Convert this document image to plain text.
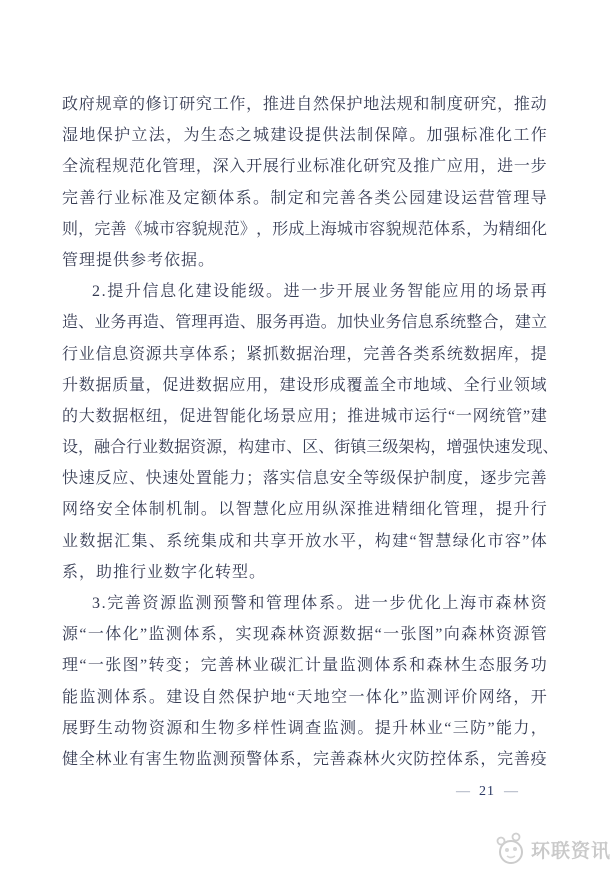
政 府 规 章 的 修 订 研 究 工 作 ， 推 进 自 然 保 护 地 法 规 和 制 度 研 究 ， 推 动
湿 地 保 护 立 法 ， 为 生 态 之 城 建 设 提 供 法 制 保 障 。 加 强 标 准 化 工 作
全 流 程 规 范 化 管 理 ， 深 入 开 展 行 业 标 准 化 研 究 及 推 广 应 用 ， 进 一 步
完 善 行 业 标 准 及 定 额 体 系 。 制 定 和 完 善 各 类 公 园 建 设 运 营 管 理 导
则 ， 完 善 《 城 市 容 貌 规 范 》 ， 形 成 上 海 城 市 容 貌 规 范 体 系 ， 为 精 细 化
管理提供参考依据。
2 . 提 升 信 息 化 建 设 能 级 。 进 一 步 开 展 业 务 智 能 应 用 的 场 景 再
造 、 业 务 再 造 、 管 理 再 造 、 服 务 再 造 。 加 快 业 务 信 息 系 统 整 合 ， 建 立
行 业 信 息 资 源 共 享 体 系 ； 紧 抓 数 据 治 理 ， 完 善 各 类 系 统 数 据 库 ， 提
升 数 据 质 量 ， 促 进 数 据 应 用 ， 建 设 形 成 覆 盖 全 市 地 域 、 全 行 业 领 域
的 大 数 据 枢 纽 ， 促 进 智 能 化 场 景 应 用 ； 推 进 城 市 运 行 “ 一 网 统 管 ” 建
设 ， 融 合 行 业 数 据 资 源 ， 构 建 市 、 区 、 街 镇 三 级 架 构 ， 增 强 快 速 发 现 、
快 速 反 应 、 快 速 处 置 能 力 ； 落 实 信 息 安 全 等 级 保 护 制 度 ， 逐 步 完 善
网 络 安 全 体 制 机 制 。 以 智 慧 化 应 用 纵 深 推 进 精 细 化 管 理 ， 提 升 行
业 数 据 汇 集 、 系 统 集 成 和 共 享 开 放 水 平 ， 构 建 “ 智 慧 绿 化 市 容 ” 体
系，助推行业数字化转型。
3 . 完 善 资 源 监 测 预 警 和 管 理 体 系 。 进 一 步 优 化 上 海 市 森 林 资
源 “ 一 体 化 ” 监 测 体 系 ， 实 现 森 林 资 源 数 据 “ 一 张 图 ” 向 森 林 资 源 管
理 “ 一 张 图 ” 转 变 ； 完 善 林 业 碳 汇 计 量 监 测 体 系 和 森 林 生 态 服 务 功
能 监 测 体 系 。 建 设 自 然 保 护 地 “ 天 地 空 一 体 化 ” 监 测 评 价 网 络 ， 开
展 野 生 动 物 资 源 和 生 物 多 样 性 调 查 监 测 。 提 升 林 业 “ 三 防 ” 能 力 ，
健 全 林 业 有 害 生 物 监 测 预 警 体 系 ， 完 善 森 林 火 灾 防 控 体 系 ， 完 善 疫
— 21 —
环联资讯
